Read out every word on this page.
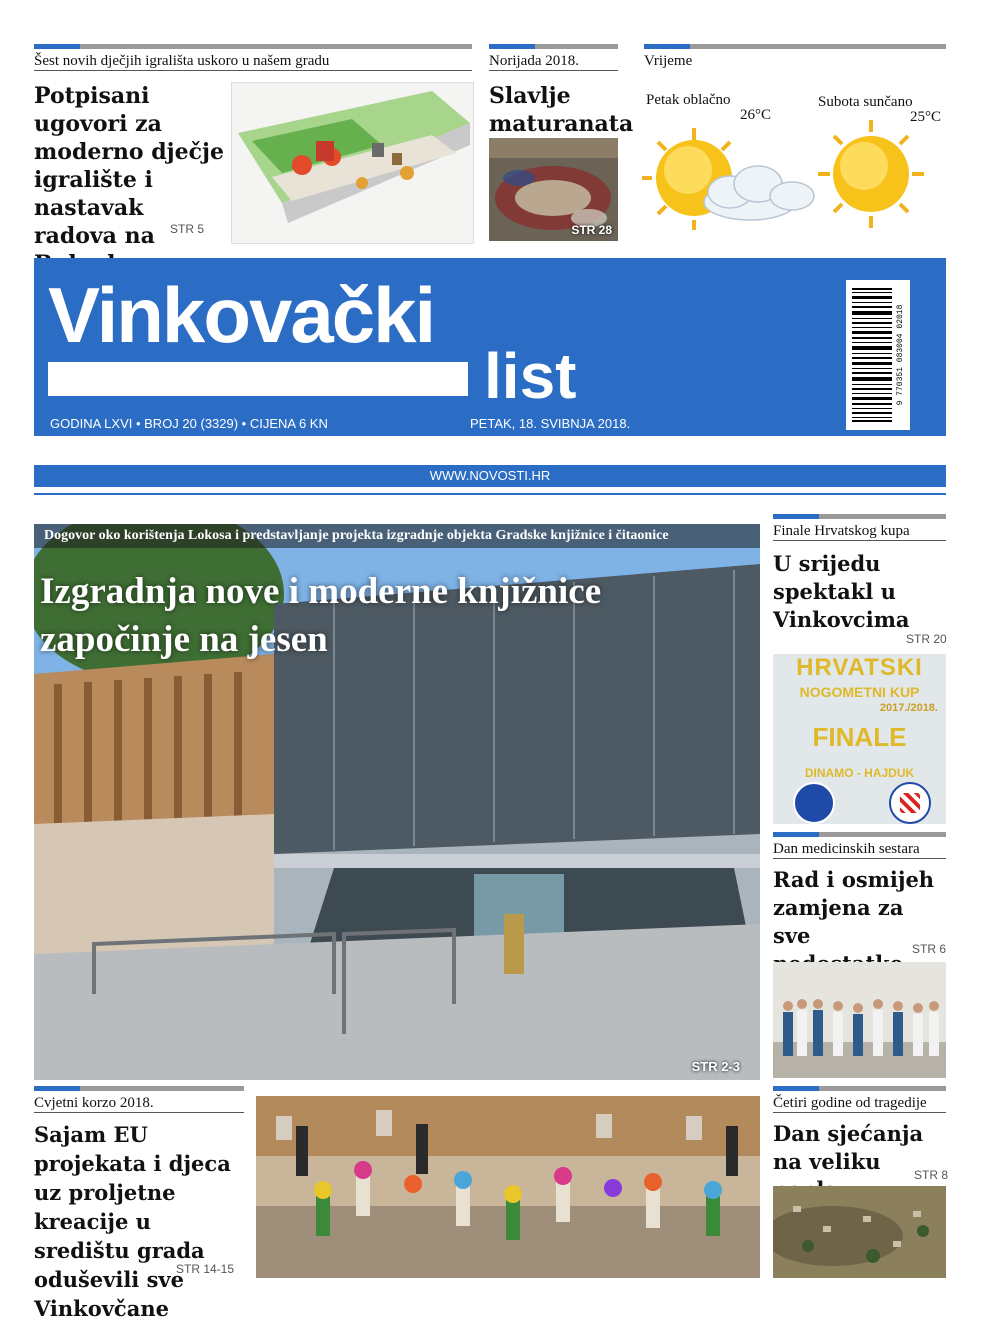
Šest novih dječjih igrališta uskoro u našem gradu
Potpisani ugovori za moderno dječje igralište i nastavak radova na	STR 5
Norijada 2018.
Slavlje maturanata
STR 28
Vrijeme
Petak oblačno
26°C
Subota sunčano
25°C
Vinkovački
list
GODINA LXVI • BROJ 20 (3329) • CIJENA 6 KN	PETAK, 18. SVIBNJA 2018.
9 770351 083004 02018
WWW.NOVOSTI.HR
Dogovor oko korištenja Lokosa i predstavljanje projekta izgradnje objekta Gradske knjižnice i čitaonice
Izgradnja nove i moderne knjižnice započinje na jesen
STR 2-3
Finale Hrvatskog kupa
U srijedu spektakl u Vinkovcima
STR 20
HRVATSKI
NOGOMETNI KUP
2017./2018.
FINALE
DINAMO - HAJDUK
Dan medicinskih sestara
Rad i osmijeh zamjena za sve
STR 6
Četiri godine od tragedije
Dan sjećanja na veliku
STR 8
Cvjetni korzo 2018.
Sajam EU projekata i djeca uz proljetne kreacije u središtu grada oduševili sve Vinkovčane
STR 14-15
